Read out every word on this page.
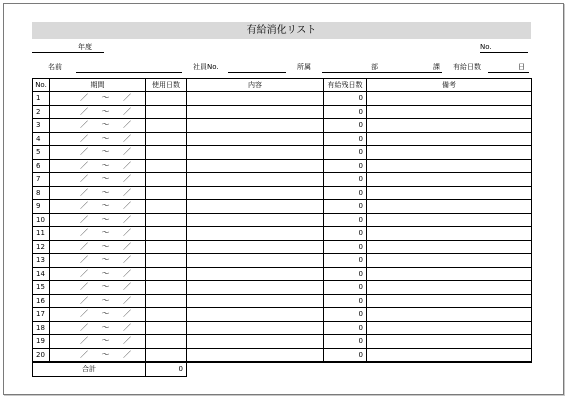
有給消化リスト
年度	No.
名前	社員No.	所属	部	課 有給日数	日
No.	期間	使用日数	内容	有給残日数	備考
1	／ ～ ／			0	
2	／ ～ ／			0	
3	／ ～ ／			0	
4	／ ～ ／			0	
5	／ ～ ／			0	
6	／ ～ ／			0	
7	／ ～ ／			0	
8	／ ～ ／			0	
9	／ ～ ／			0	
10	／ ～ ／			0	
11	／ ～ ／			0	
12	／ ～ ／			0	
13	／ ～ ／			0	
14	／ ～ ／			0	
15	／ ～ ／			0	
16	／ ～ ／			0	
17	／ ～ ／			0	
18	／ ～ ／			0	
19	／ ～ ／			0	
20	／ ～ ／			0	
合計		0			
